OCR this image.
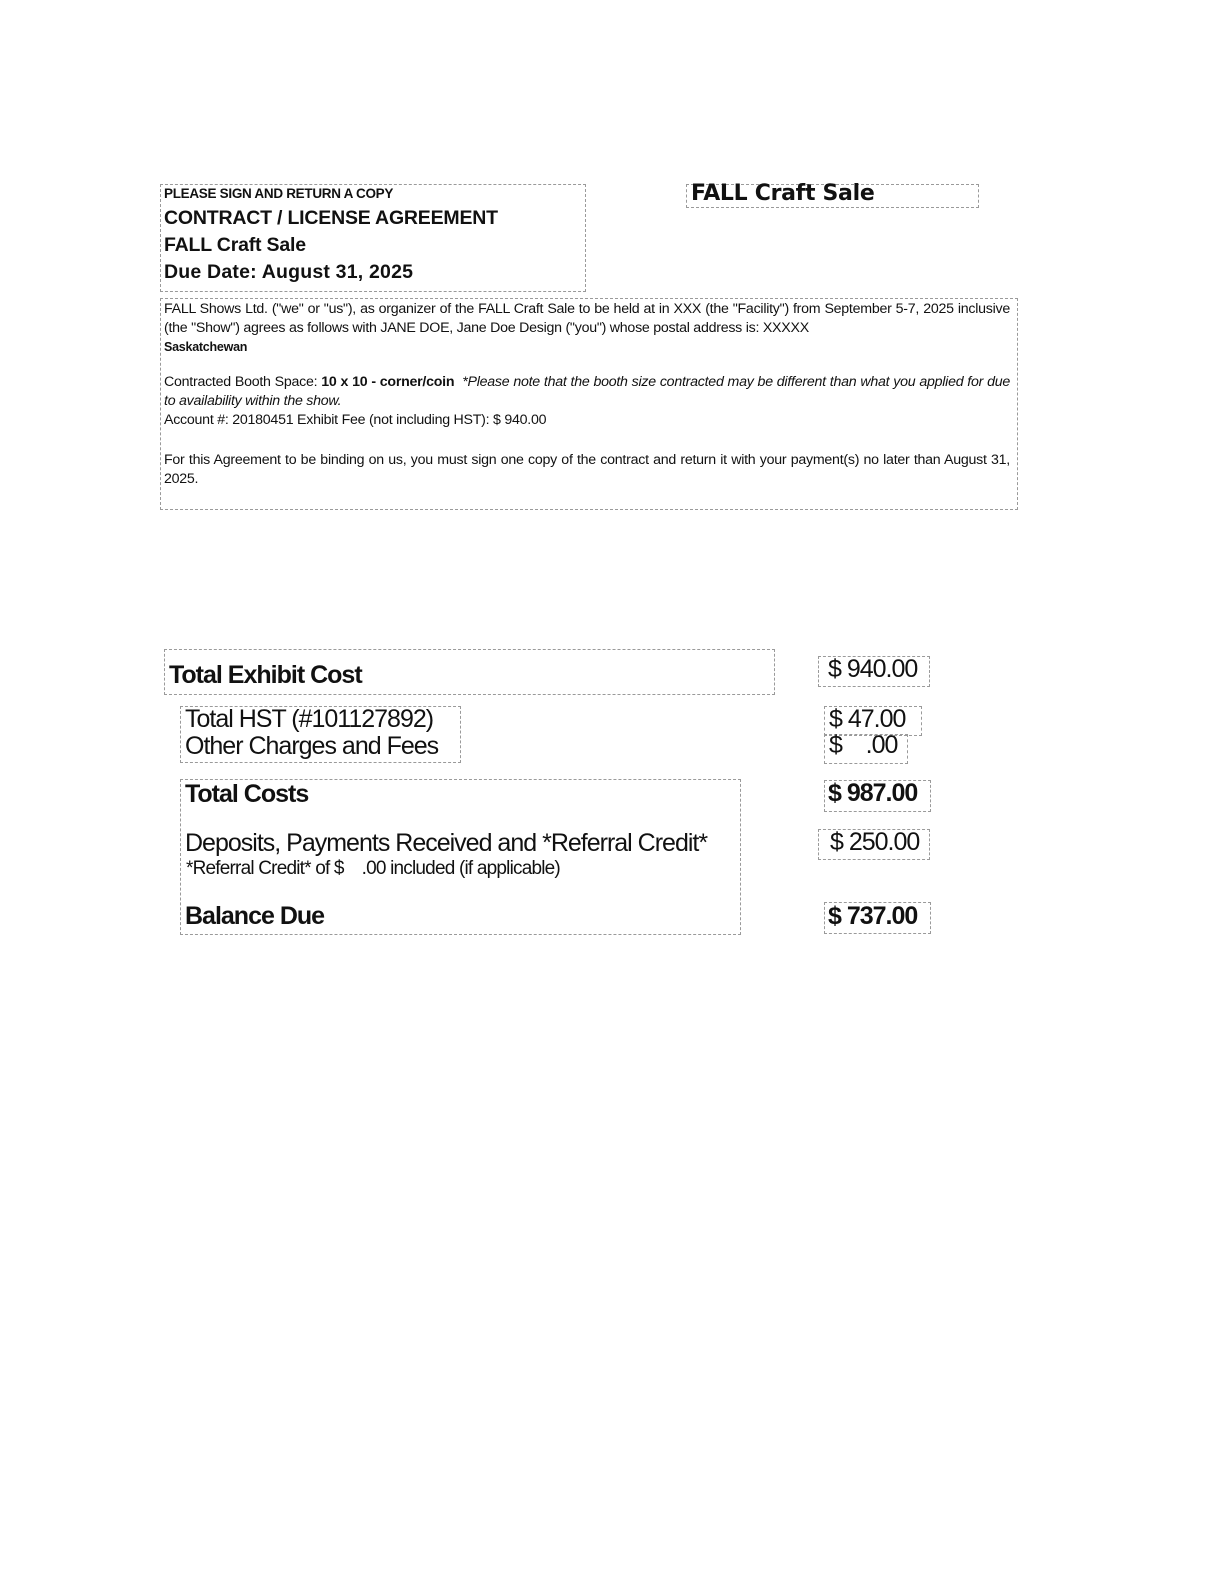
PLEASE SIGN AND RETURN A COPY
CONTRACT / LICENSE AGREEMENT
FALL Craft Sale
Due Date: August 31, 2025
FALL Craft Sale
FALL Shows Ltd. ("we" or "us"), as organizer of the FALL Craft Sale to be held at in XXX (the "Facility") from September 5-7, 2025 inclusive (the "Show") agrees as follows with JANE DOE, Jane Doe Design ("you") whose postal address is: XXXXX
Saskatchewan
Contracted Booth Space: 10 x 10 - corner/coin *Please note that the booth size contracted may be different than what you applied for due to availability within the show.
Account #: 20180451 Exhibit Fee (not including HST): $ 940.00
For this Agreement to be binding on us, you must sign one copy of the contract and return it with your payment(s) no later than August 31, 2025.
Total Exhibit Cost
Total HST (#101127892)
Other Charges and Fees
Total Costs
Deposits, Payments Received and *Referral Credit*
*Referral Credit* of $    .00 included (if applicable)
Balance Due
$ 940.00
$ 47.00
$    .00
$ 987.00
$ 250.00
$ 737.00
